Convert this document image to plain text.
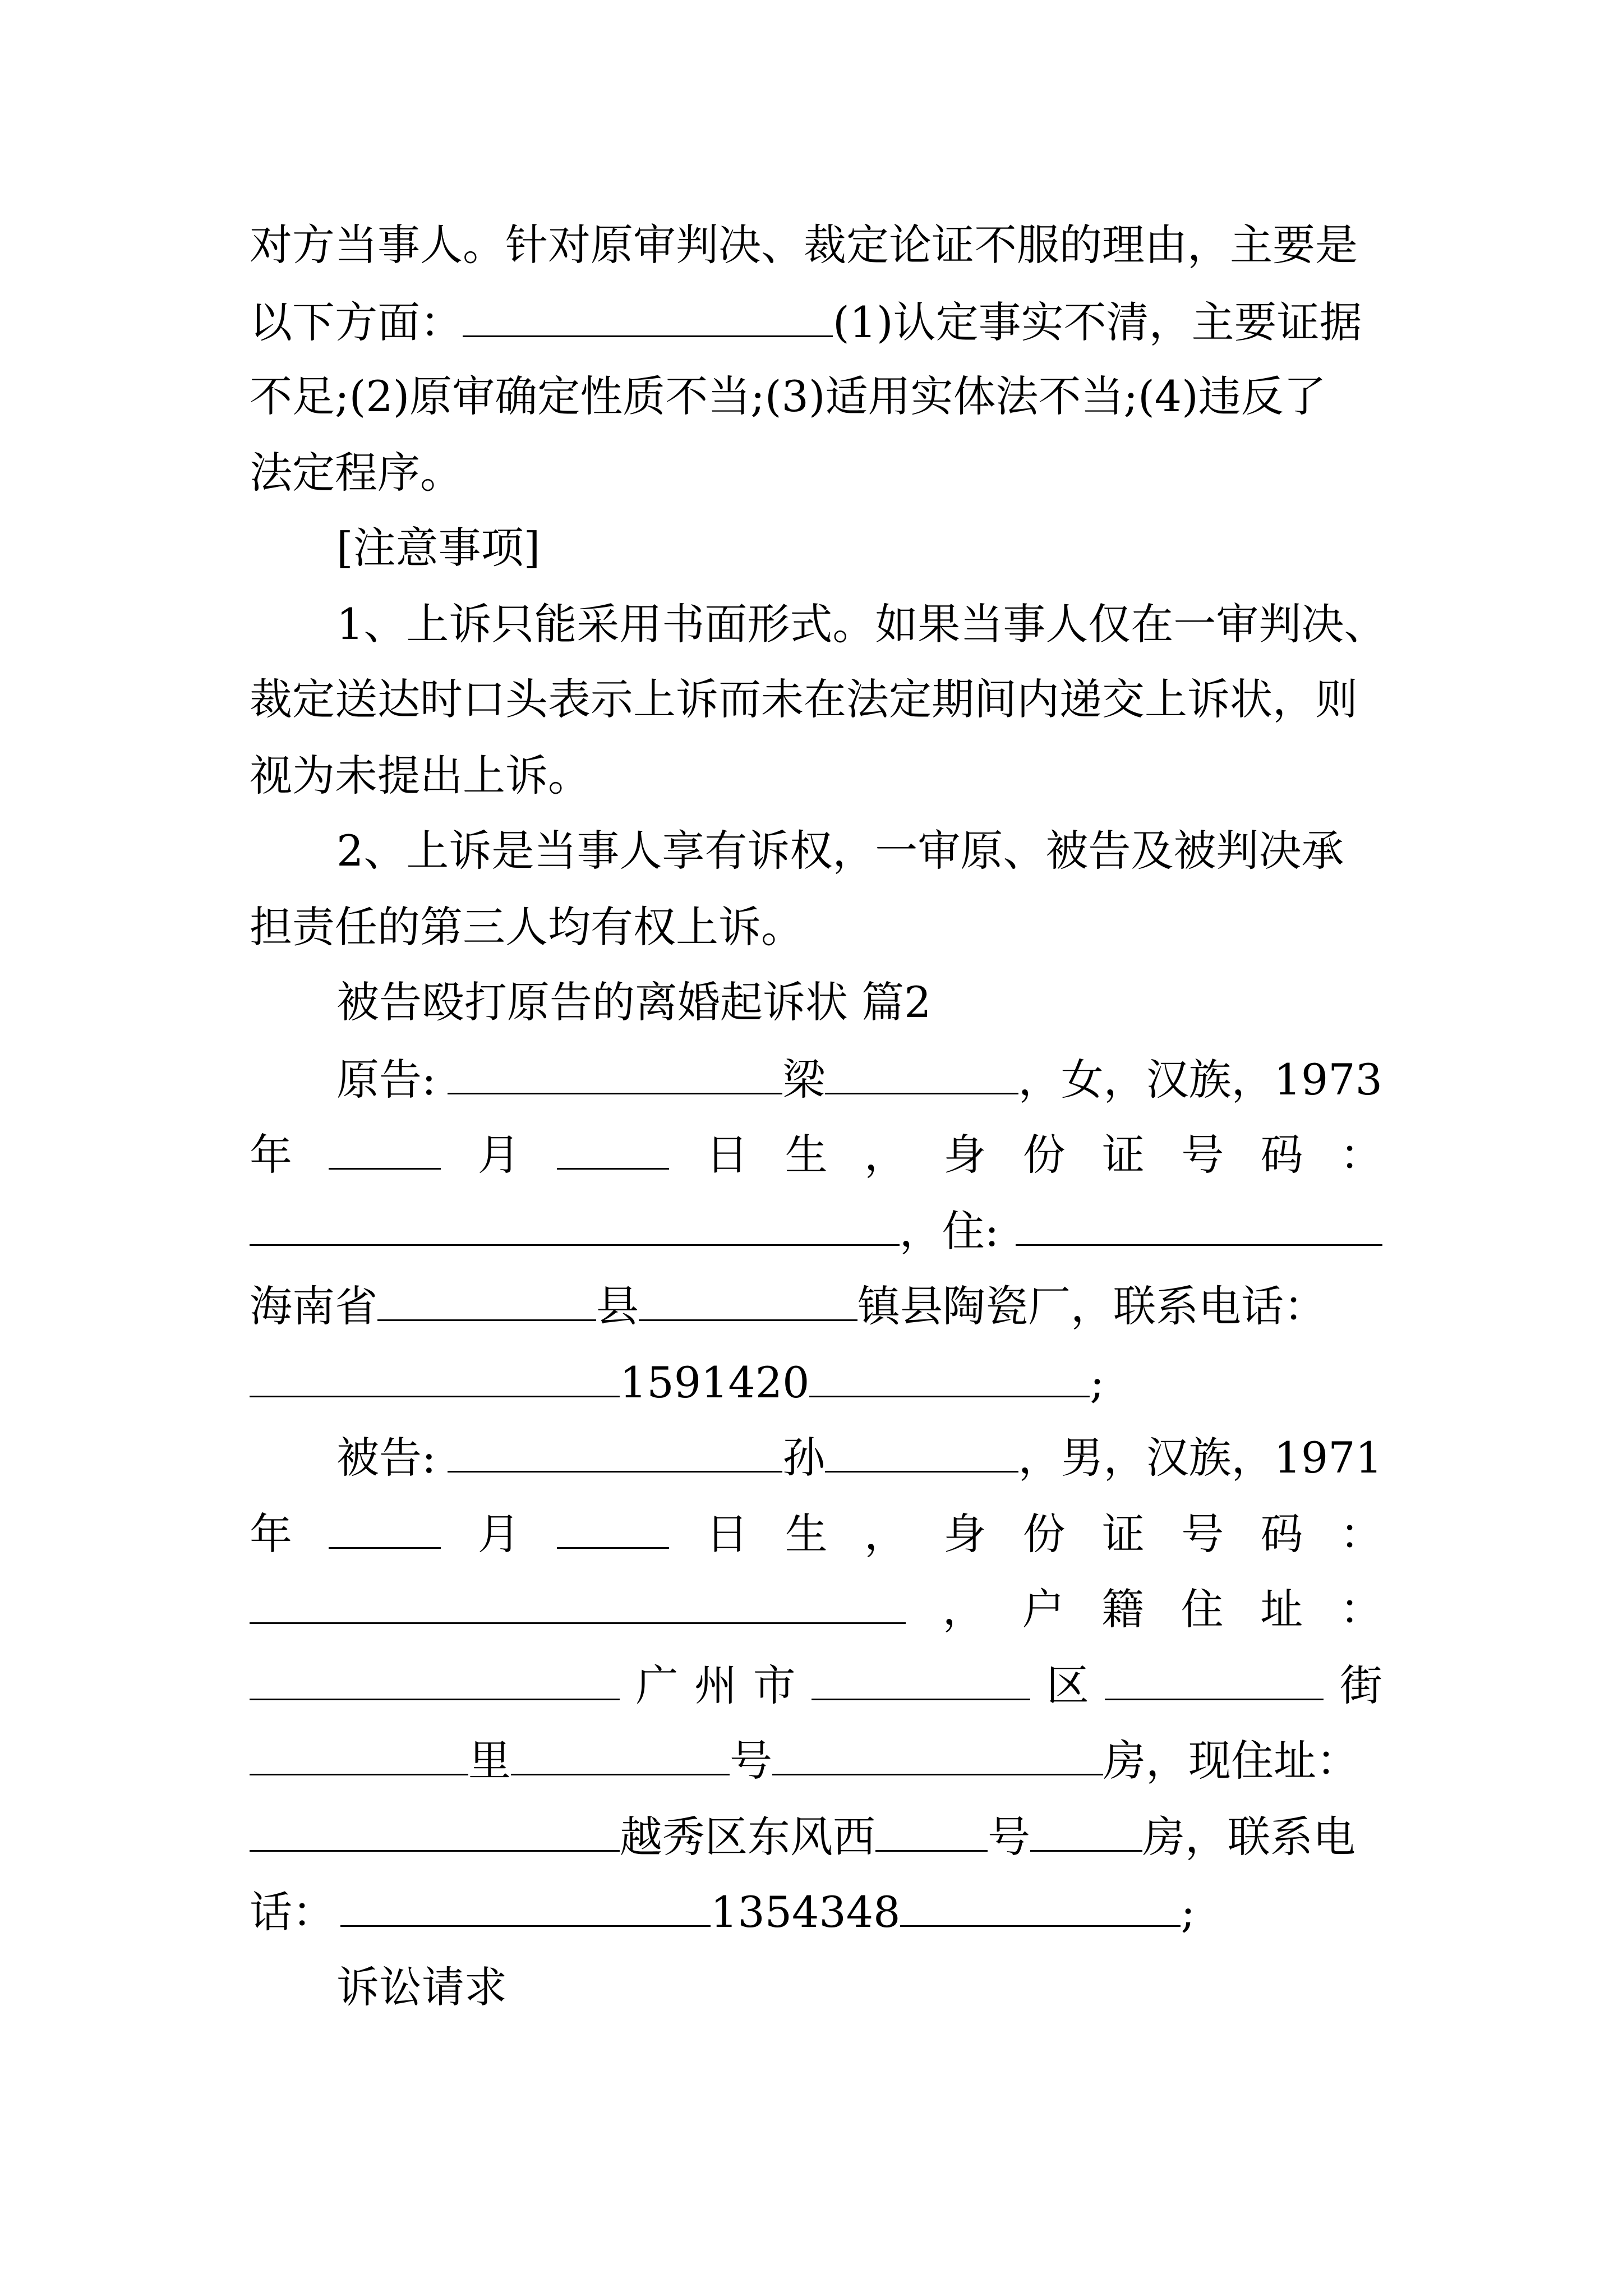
对方当事人。针对原审判决、裁定论证不服的理由，主要是
以下方面：	(1)认定事实不清，主要证据
不足;(2)原审确定性质不当;(3)适用实体法不当;(4)违反了
法定程序。
[注意事项]
1、上诉只能采用书面形式。如果当事人仅在一审判决、
裁定送达时口头表示上诉而未在法定期间内递交上诉状，则
视为未提出上诉。
2、上诉是当事人享有诉权，一审原、被告及被判决承
担责任的第三人均有权上诉。
被告殴打原告的离婚起诉状 篇2
原告:	梁	，女，汉族，1973
年	月	日 生 ， 身 份 证 号 码 ：
，住:
海南省	县	镇县陶瓷厂，联系电话：
1591420	;
被告:	孙	，男，汉族，1971
年	月	日 生 ， 身 份 证 号 码 ：
， 户 籍 住 址 ：
广 州 市	区	街
里	号	房，现住址：
越秀区东风西	号	房，联系电
话：	1354348	;
诉讼请求
